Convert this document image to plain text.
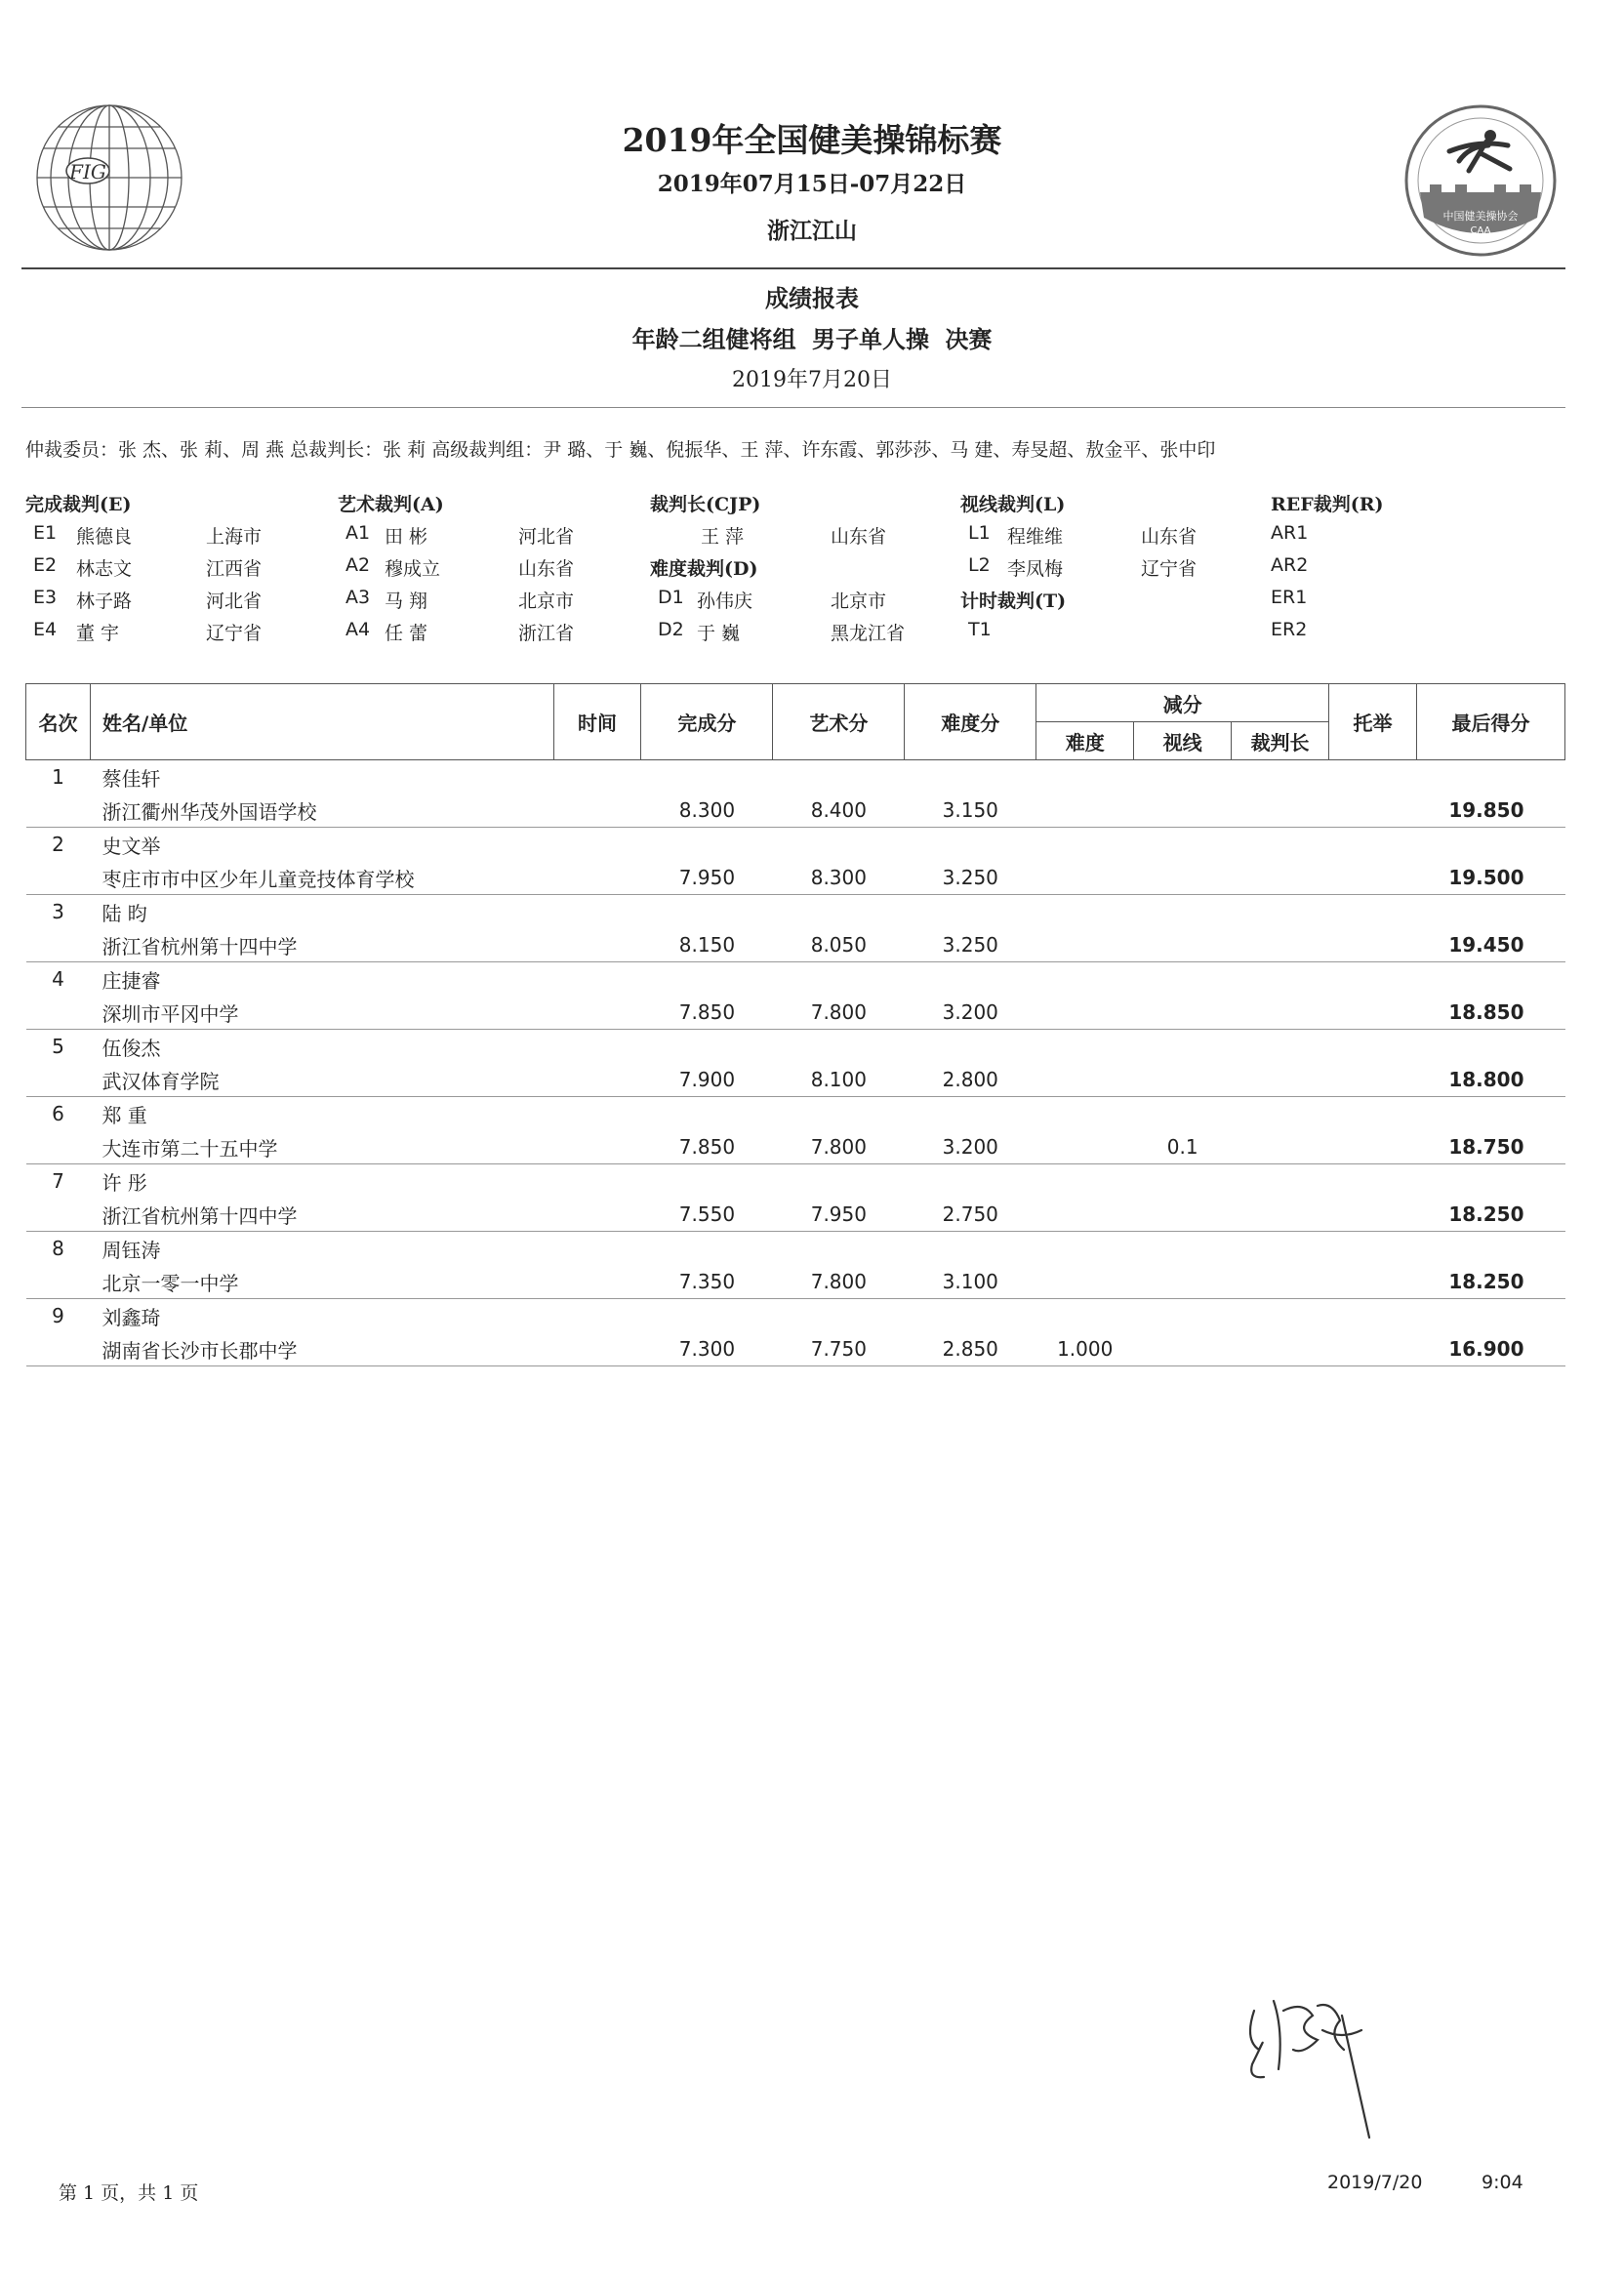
FIG
中国健美操协会
CAA
2019年全国健美操锦标赛
2019年07月15日-07月22日
浙江江山
成绩报表
年龄二组健将组 男子单人操 决赛
2019年7月20日
仲裁委员：张 杰、张 莉、周 燕 总裁判长：张 莉 高级裁判组：尹 璐、于 巍、倪振华、王 萍、许东霞、郭莎莎、马 建、寿旻超、敖金平、张中印
完成裁判(E)
E1 熊德良	上海市
E2 林志文	江西省
E3 林子路	河北省
E4 董 宇	辽宁省
艺术裁判(A)
A1 田 彬	河北省
A2 穆成立	山东省
A3 马 翔	北京市
A4 任 蕾	浙江省
裁判长(CJP)
王 萍	山东省
难度裁判(D)
D1 孙伟庆	北京市
D2 于 巍	黑龙江省
视线裁判(L)
L1 程维维	山东省
L2 李凤梅	辽宁省
计时裁判(T)
T1
REF裁判(R)
AR1
AR2
ER1
ER2
名次	姓名/单位	时间	完成分	艺术分	难度分	减分			托举	最后得分
						难度	视线	裁判长		
1	蔡佳轩									
	浙江衢州华茂外国语学校		8.300	8.400	3.150					19.850
2	史文举									
	枣庄市市中区少年儿童竞技体育学校		7.950	8.300	3.250					19.500
3	陆 昀									
	浙江省杭州第十四中学		8.150	8.050	3.250					19.450
4	庄捷睿									
	深圳市平冈中学		7.850	7.800	3.200					18.850
5	伍俊杰									
	武汉体育学院		7.900	8.100	2.800					18.800
6	郑 重									
	大连市第二十五中学		7.850	7.800	3.200		0.1			18.750
7	许 彤									
	浙江省杭州第十四中学		7.550	7.950	2.750					18.250
8	周钰涛									
	北京一零一中学		7.350	7.800	3.100					18.250
9	刘鑫琦									
	湖南省长沙市长郡中学		7.300	7.750	2.850	1.000				16.900
第 1 页，共 1 页	2019/7/20	9:04
